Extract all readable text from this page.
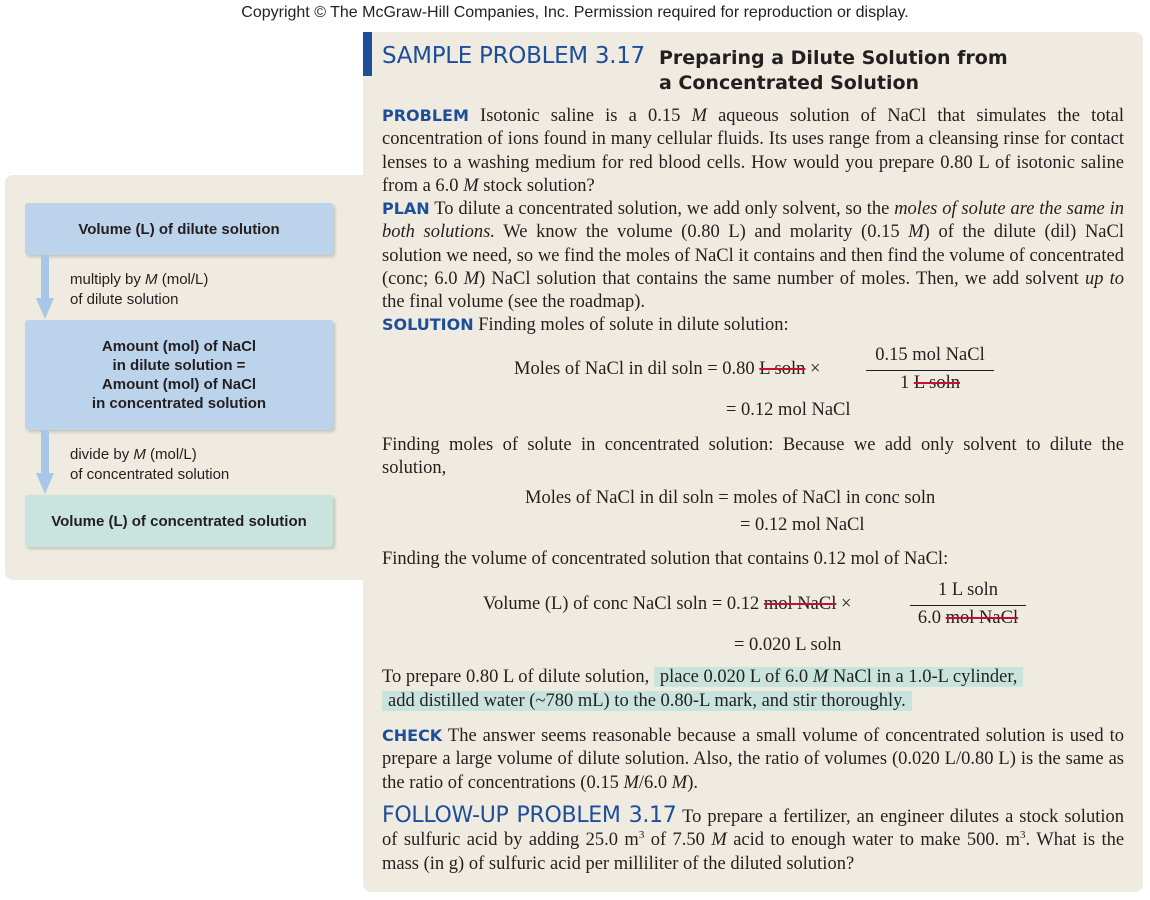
Copyright © The McGraw-Hill Companies, Inc. Permission required for reproduction or display.
Volume (L) of dilute solution
multiply by M (mol/L)
of dilute solution
Amount (mol) of NaCl
in dilute solution =
Amount (mol) of NaCl
in concentrated solution
divide by M (mol/L)
of concentrated solution
Volume (L) of concentrated solution
SAMPLE PROBLEM 3.17 Preparing a Dilute Solution from
a Concentrated Solution
PROBLEM Isotonic saline is a 0.15 M aqueous solution of NaCl that simulates the total concentration of ions found in many cellular fluids. Its uses range from a cleansing rinse for contact lenses to a washing medium for red blood cells. How would you prepare 0.80 L of isotonic saline from a 6.0 M stock solution?
PLAN To dilute a concentrated solution, we add only solvent, so the moles of solute are the same in both solutions. We know the volume (0.80 L) and molarity (0.15 M) of the dilute (dil) NaCl solution we need, so we find the moles of NaCl it contains and then find the volume of concentrated (conc; 6.0 M) NaCl solution that contains the same number of moles. Then, we add solvent up to the final volume (see the roadmap).
SOLUTION Finding moles of solute in dilute solution:
Moles of NaCl in dil soln = 0.80 L soln ×
0.15 mol NaCl
1 L soln
= 0.12 mol NaCl
Finding moles of solute in concentrated solution: Because we add only solvent to dilute the solution,
Moles of NaCl in dil soln = moles of NaCl in conc soln
= 0.12 mol NaCl
Finding the volume of concentrated solution that contains 0.12 mol of NaCl:
Volume (L) of conc NaCl soln = 0.12 mol NaCl ×
1 L soln
6.0 mol NaCl
= 0.020 L soln
To prepare 0.80 L of dilute solution, place 0.020 L of 6.0 M NaCl in a 1.0-L cylinder,
add distilled water (~780 mL) to the 0.80-L mark, and stir thoroughly.
CHECK The answer seems reasonable because a small volume of concentrated solution is used to prepare a large volume of dilute solution. Also, the ratio of volumes (0.020 L/0.80 L) is the same as the ratio of concentrations (0.15 M/6.0 M).
FOLLOW-UP PROBLEM 3.17 To prepare a fertilizer, an engineer dilutes a stock solution of sulfuric acid by adding 25.0 $m^3$ of 7.50 M acid to enough water to make 500. $m^3$. What is the mass (in g) of sulfuric acid per milliliter of the diluted solution?
